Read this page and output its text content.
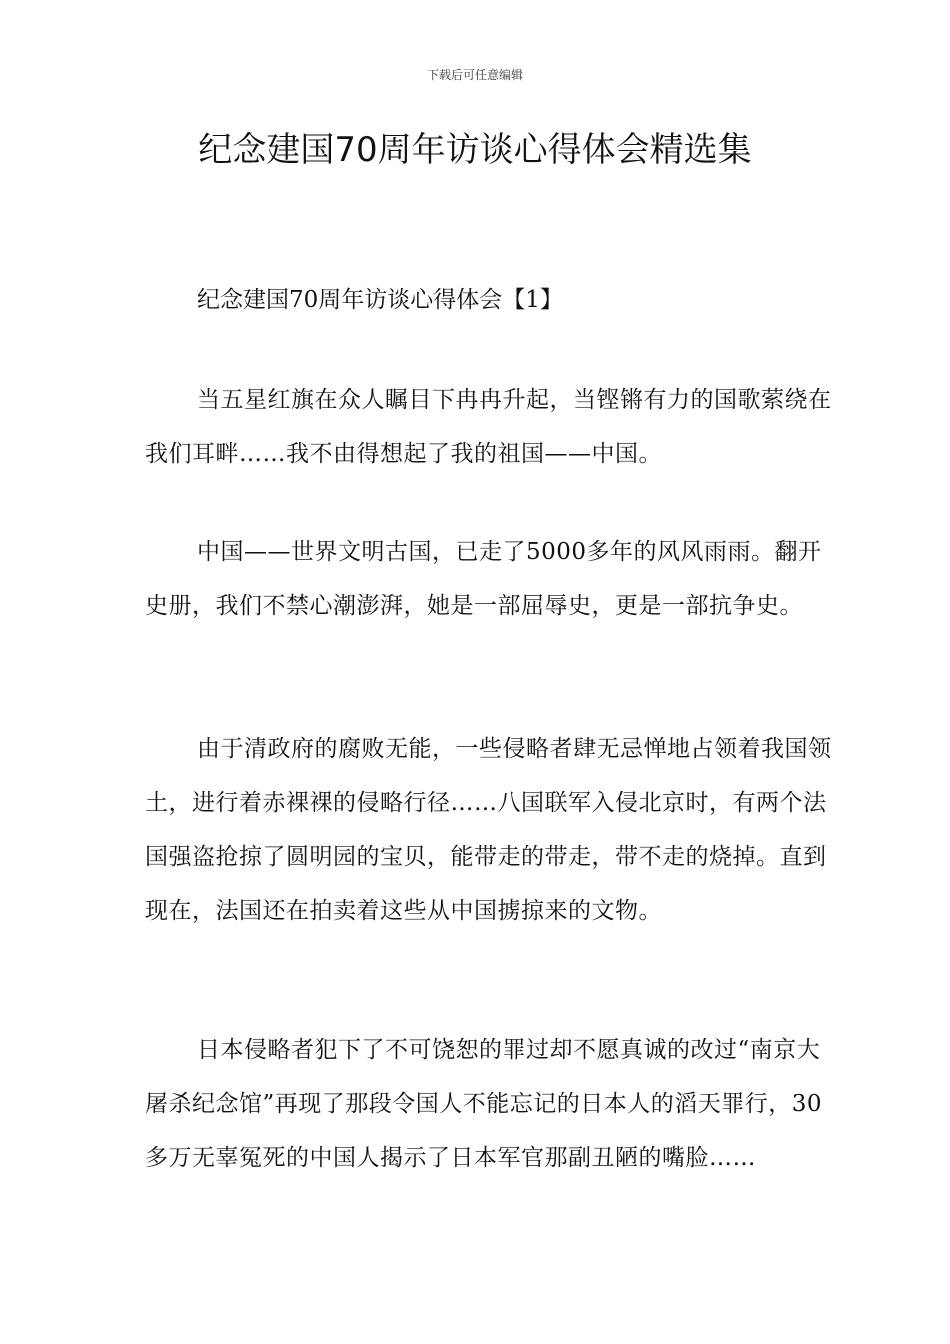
下载后可任意编辑
纪念建国70周年访谈心得体会精选集

纪念建国70周年访谈心得体会【1】

当五星红旗在众人瞩目下冉冉升起，当铿锵有力的国歌萦绕在我们耳畔……我不由得想起了我的祖国——中国。

中国——世界文明古国，已走了5000多年的风风雨雨。翻开史册，我们不禁心潮澎湃，她是一部屈辱史，更是一部抗争史。

由于清政府的腐败无能，一些侵略者肆无忌惮地占领着我国领土，进行着赤裸裸的侵略行径……八国联军入侵北京时，有两个法国强盗抢掠了圆明园的宝贝，能带走的带走，带不走的烧掉。直到现在，法国还在拍卖着这些从中国掳掠来的文物。

日本侵略者犯下了不可饶恕的罪过却不愿真诚的改过“南京大屠杀纪念馆”再现了那段令国人不能忘记的日本人的滔天罪行，30多万无辜冤死的中国人揭示了日本军官那副丑陋的嘴脸……
